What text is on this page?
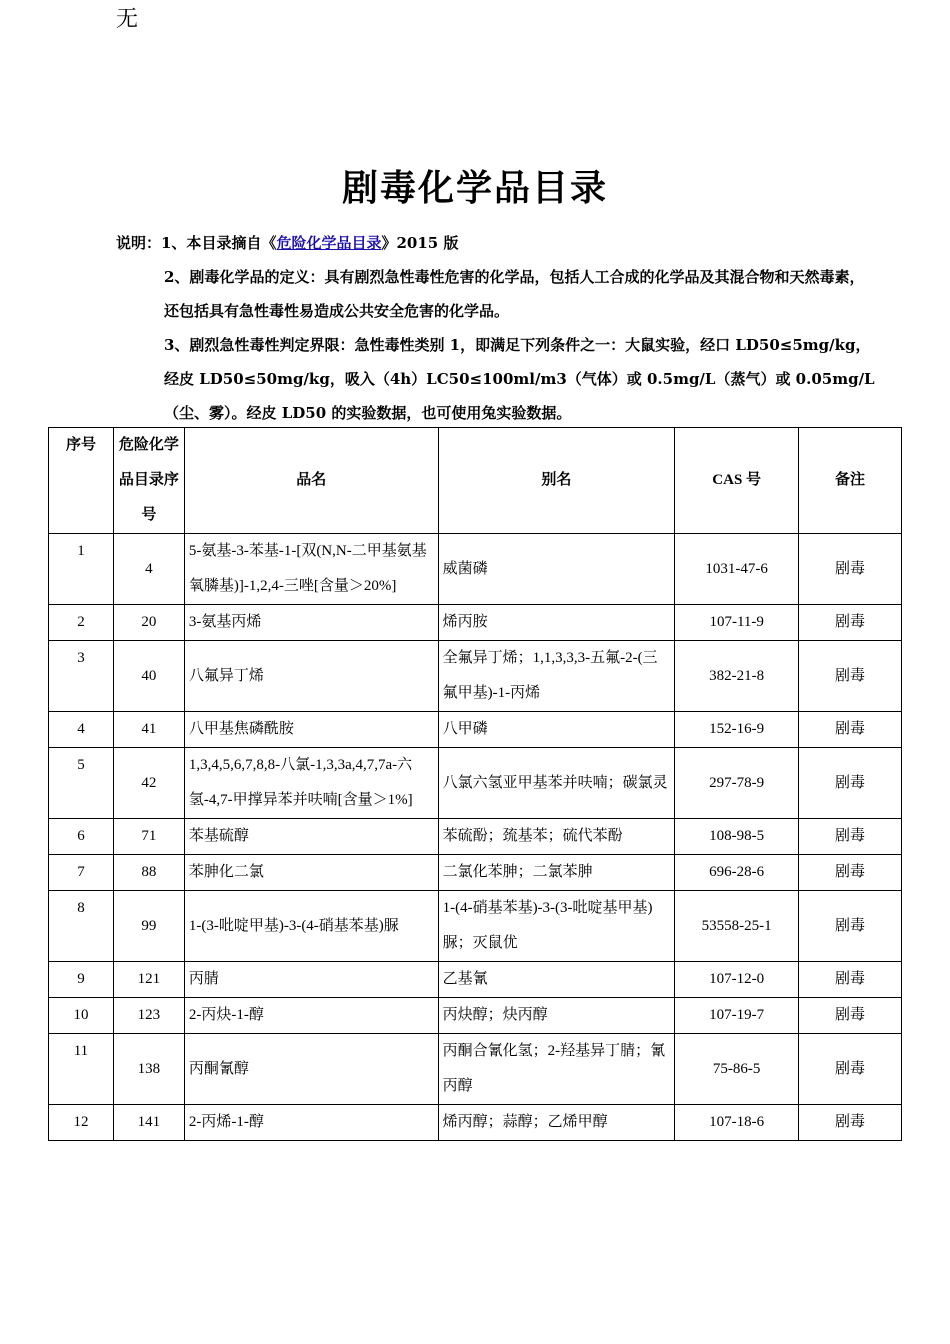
无
剧毒化学品目录
说明：1、本目录摘自《危险化学品目录》2015 版
2、剧毒化学品的定义：具有剧烈急性毒性危害的化学品，包括人工合成的化学品及其混合物和天然毒素，还包括具有急性毒性易造成公共安全危害的化学品。
3、剧烈急性毒性判定界限：急性毒性类别 1，即满足下列条件之一：大鼠实验，经口 LD50≤5mg/kg，经皮 LD50≤50mg/kg，吸入（4h）LC50≤100ml/m3（气体）或 0.5mg/L（蒸气）或 0.05mg/L（尘、雾）。经皮 LD50 的实验数据，也可使用兔实验数据。
序号	危险化学品目录序号	品名	别名	CAS 号	备注
1	4	5-氨基-3-苯基-1-[双(N,N-二甲基氨基氧膦基)]-1,2,4-三唑[含量＞20%]	威菌磷	1031-47-6	剧毒
2	20	3-氨基丙烯	烯丙胺	107-11-9	剧毒
3	40	八氟异丁烯	全氟异丁烯；1,1,3,3,3-五氟-2-(三氟甲基)-1-丙烯	382-21-8	剧毒
4	41	八甲基焦磷酰胺	八甲磷	152-16-9	剧毒
5	42	1,3,4,5,6,7,8,8-八氯-1,3,3a,4,7,7a-六氢-4,7-甲撑异苯并呋喃[含量＞1%]	八氯六氢亚甲基苯并呋喃；碳氯灵	297-78-9	剧毒
6	71	苯基硫醇	苯硫酚；巯基苯；硫代苯酚	108-98-5	剧毒
7	88	苯胂化二氯	二氯化苯胂；二氯苯胂	696-28-6	剧毒
8	99	1-(3-吡啶甲基)-3-(4-硝基苯基)脲	1-(4-硝基苯基)-3-(3-吡啶基甲基)脲；灭鼠优	53558-25-1	剧毒
9	121	丙腈	乙基氰	107-12-0	剧毒
10	123	2-丙炔-1-醇	丙炔醇；炔丙醇	107-19-7	剧毒
11	138	丙酮氰醇	丙酮合氰化氢；2-羟基异丁腈；氰丙醇	75-86-5	剧毒
12	141	2-丙烯-1-醇	烯丙醇；蒜醇；乙烯甲醇	107-18-6	剧毒
